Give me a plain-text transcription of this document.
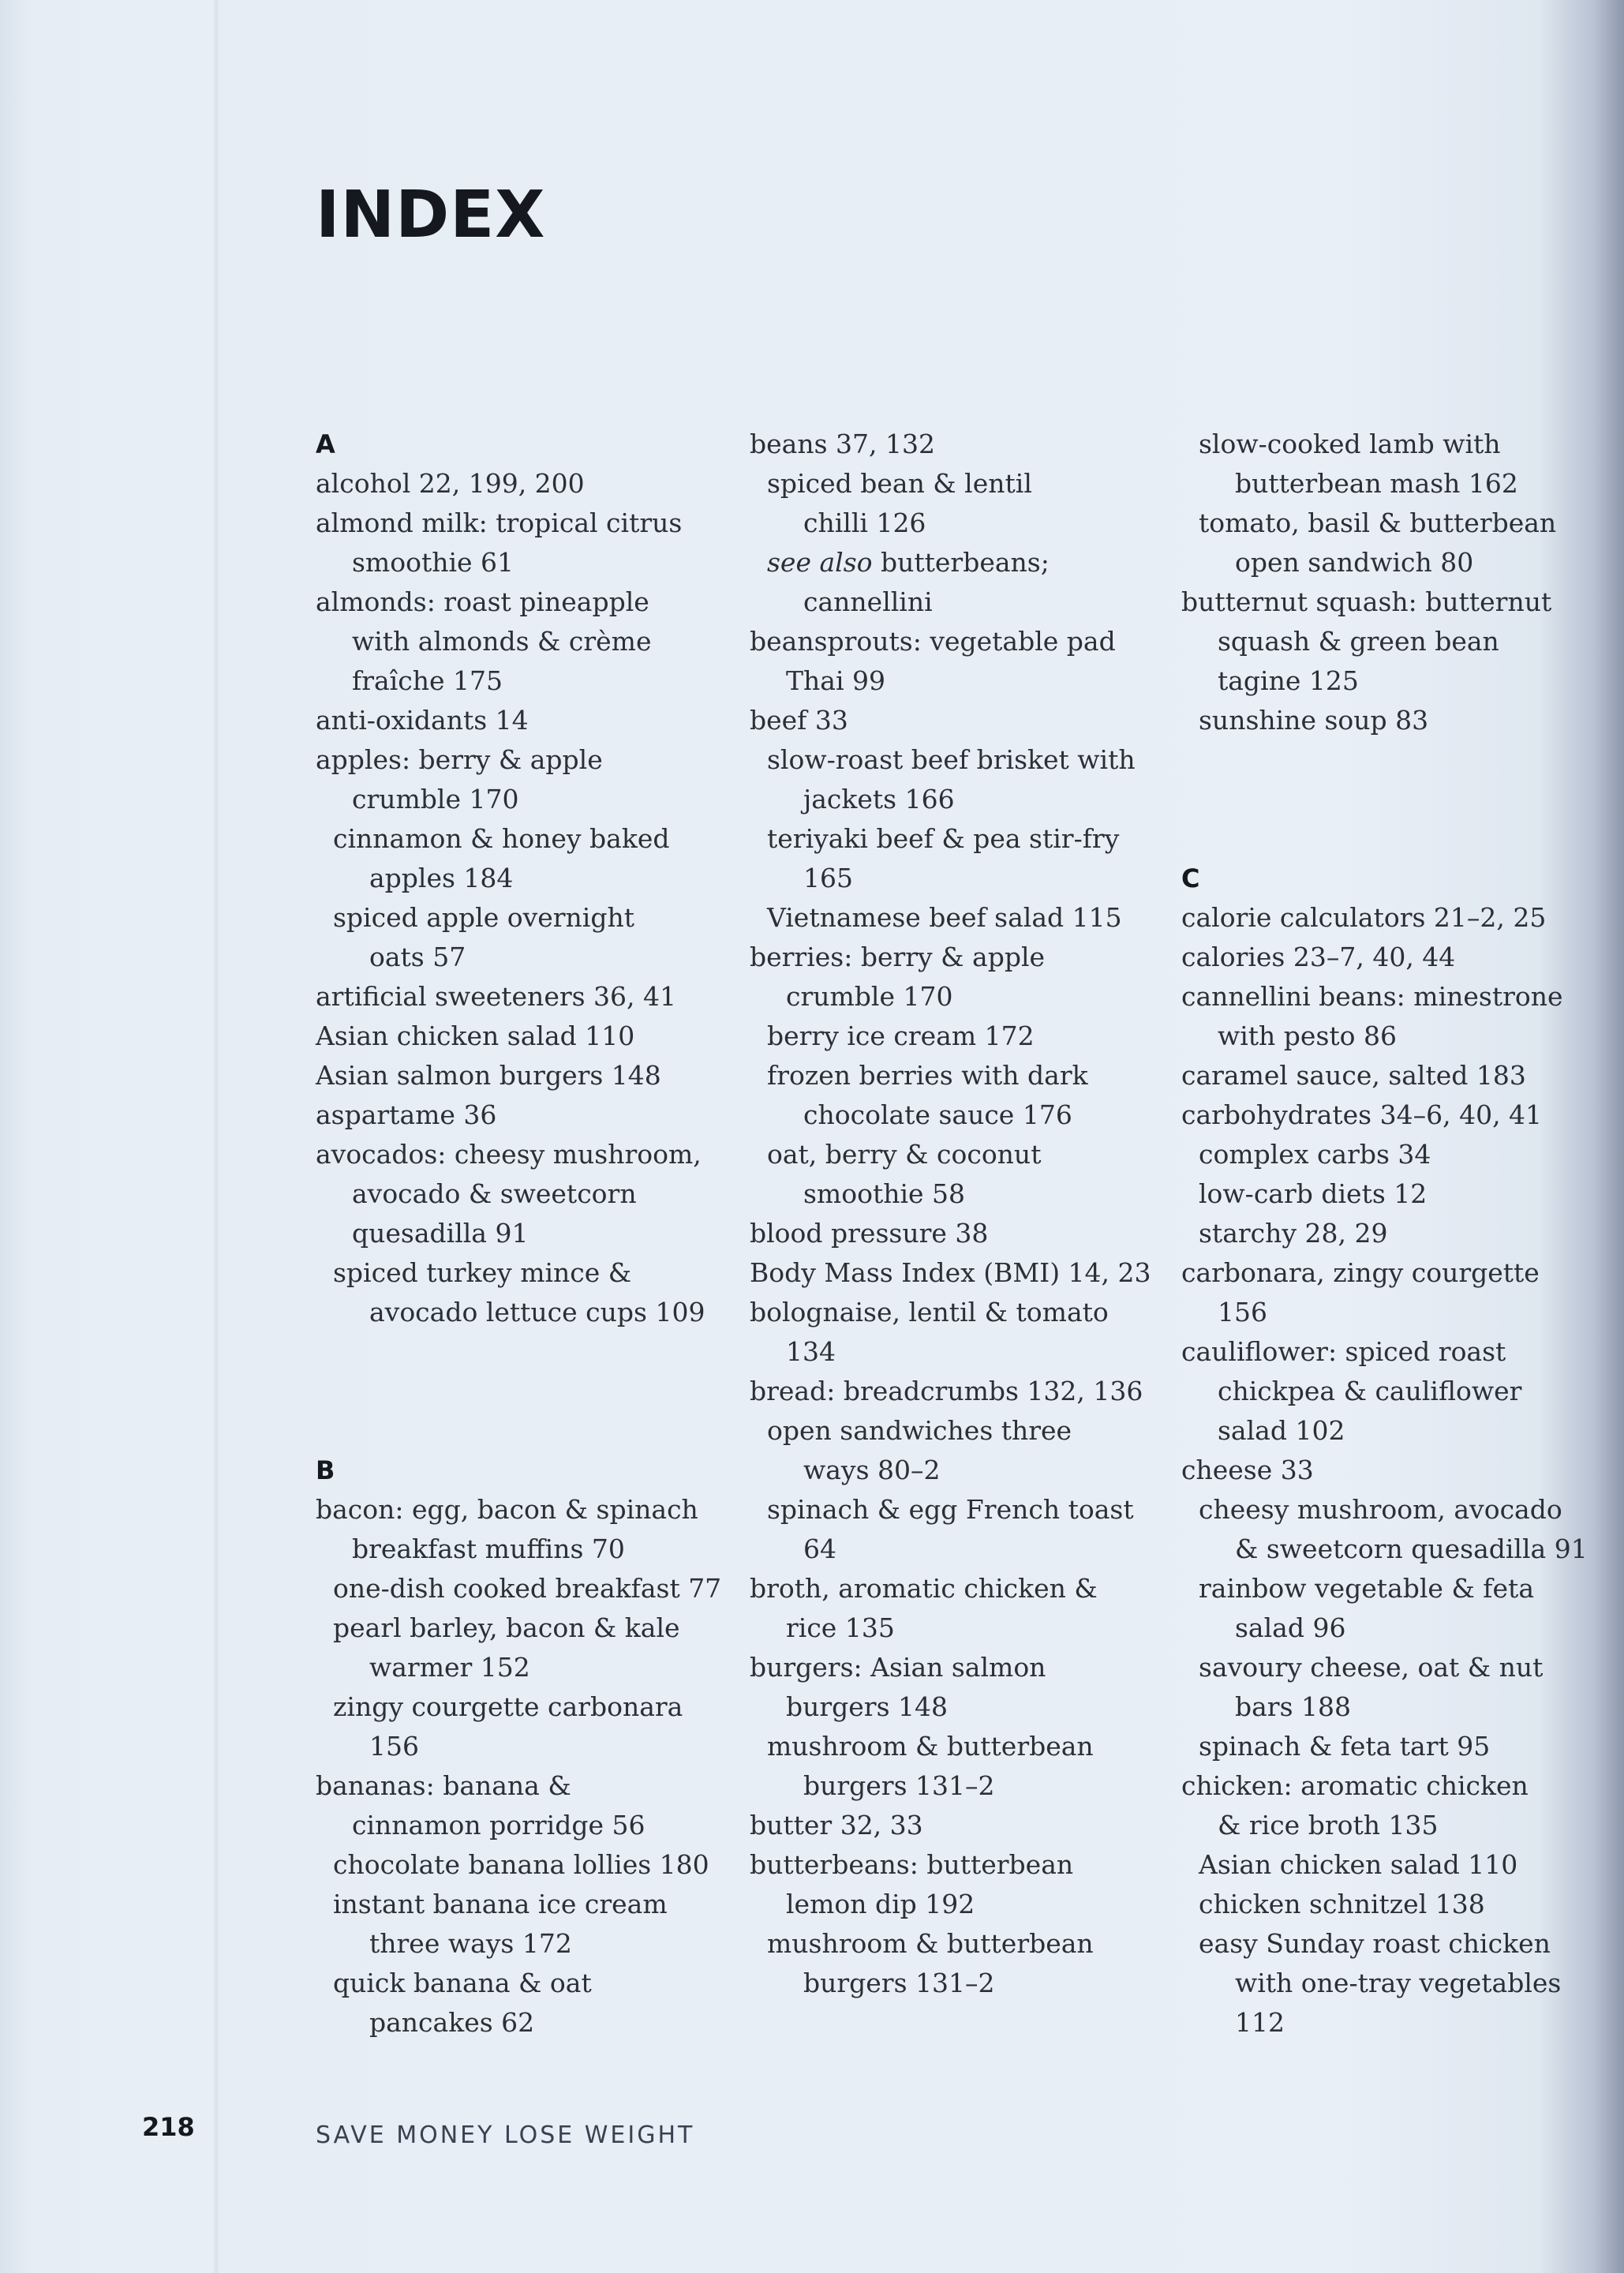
INDEX
A
alcohol 22, 199, 200
almond milk: tropical citrus
smoothie 61
almonds: roast pineapple
with almonds & crème
fraîche 175
anti-oxidants 14
apples: berry & apple
crumble 170
cinnamon & honey baked
apples 184
spiced apple overnight
oats 57
artificial sweeteners 36, 41
Asian chicken salad 110
Asian salmon burgers 148
aspartame 36
avocados: cheesy mushroom,
avocado & sweetcorn
quesadilla 91
spiced turkey mince &
avocado lettuce cups 109
B
bacon: egg, bacon & spinach
breakfast muffins 70
one-dish cooked breakfast 77
pearl barley, bacon & kale
warmer 152
zingy courgette carbonara
156
bananas: banana &
cinnamon porridge 56
chocolate banana lollies 180
instant banana ice cream
three ways 172
quick banana & oat
pancakes 62
beans 37, 132
spiced bean & lentil
chilli 126
see also butterbeans;
cannellini
beansprouts: vegetable pad
Thai 99
beef 33
slow-roast beef brisket with
jackets 166
teriyaki beef & pea stir-fry
165
Vietnamese beef salad 115
berries: berry & apple
crumble 170
berry ice cream 172
frozen berries with dark
chocolate sauce 176
oat, berry & coconut
smoothie 58
blood pressure 38
Body Mass Index (BMI) 14, 23
bolognaise, lentil & tomato
134
bread: breadcrumbs 132, 136
open sandwiches three
ways 80–2
spinach & egg French toast
64
broth, aromatic chicken &
rice 135
burgers: Asian salmon
burgers 148
mushroom & butterbean
burgers 131–2
butter 32, 33
butterbeans: butterbean
lemon dip 192
mushroom & butterbean
burgers 131–2
slow-cooked lamb with
butterbean mash 162
tomato, basil & butterbean
open sandwich 80
butternut squash: butternut
squash & green bean
tagine 125
sunshine soup 83
C
calorie calculators 21–2, 25
calories 23–7, 40, 44
cannellini beans: minestrone
with pesto 86
caramel sauce, salted 183
carbohydrates 34–6, 40, 41
complex carbs 34
low-carb diets 12
starchy 28, 29
carbonara, zingy courgette
156
cauliflower: spiced roast
chickpea & cauliflower
salad 102
cheese 33
cheesy mushroom, avocado
& sweetcorn quesadilla 91
rainbow vegetable & feta
salad 96
savoury cheese, oat & nut
bars 188
spinach & feta tart 95
chicken: aromatic chicken
& rice broth 135
Asian chicken salad 110
chicken schnitzel 138
easy Sunday roast chicken
with one-tray vegetables
112
218	SAVE MONEY LOSE WEIGHT
